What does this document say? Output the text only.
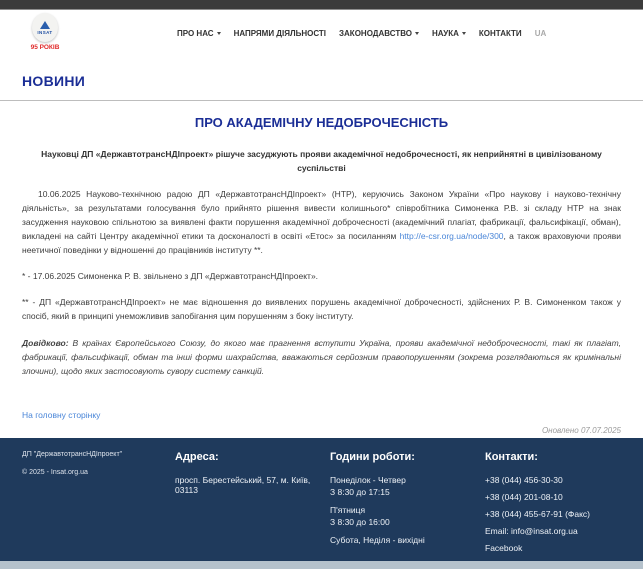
INSAT
95 РОКІВ
ПРО НАС	НАПРЯМИ ДІЯЛЬНОСТІ ЗАКОНОДАВСТВО	НАУКА	КОНТАКТИ UA
НОВИНИ
ПРО АКАДЕМІЧНУ НЕДОБРОЧЕСНІСТЬ
Науковці ДП «ДержавтотрансНДІпроект» рішуче засуджують прояви академічної недоброчесності, як неприйнятні в цивілізованому суспільстві

10.06.2025 Науково-технічною радою ДП «ДержавтотрансНДІпроект» (НТР), керуючись Законом України «Про наукову і науково-технічну діяльність», за результатами голосування було прийнято рішення вивести колишнього* співробітника Симоненка Р.В. зі складу НТР на знак засудження науковою спільнотою за виявлені факти порушення академічної доброчесності (академічний плагіат, фабрикації, фальсифікації, обман), викладені на сайті Центру академічної етики та досконалості в освіті «Етос» за посиланням http://e-csr.org.ua/node/300, а також враховуючи прояви неетичної поведінки у відношенні до працівників інституту **.

* - 17.06.2025 Симоненка Р. В. звільнено з ДП «ДержавтотрансНДІпроект».

** - ДП «ДержавтотрансНДІпроект» не має відношення до виявлених порушень академічної доброчесності, здійснених Р. В. Симоненком також у спосіб, який в принципі унеможливив запобігання цим порушенням з боку інституту.

Довідково: В країнах Європейського Союзу, до якого має прагнення вступити Україна, прояви академічної недоброчесності, такі як плагіат, фабрикації, фальсифікації, обман та інші форми шахрайства, вважаються серйозним правопорушенням (зокрема розглядаються як кримінальні злочини), щодо яких застосовують сувору систему санкцій.

На головну сторінку
Оновлено 07.07.2025
ДП "ДержавтотрансНДІпроект"
© 2025 - Insat.org.ua
Адреса:
просп. Берестейський, 57, м. Київ, 03113
Години роботи:
Понеділок - Четвер
З 8:30 до 17:15
П'ятниця
З 8:30 до 16:00
Субота, Неділя - вихідні
Контакти:
+38 (044) 456-30-30
+38 (044) 201-08-10
+38 (044) 455-67-91 (Факс)
Email: info@insat.org.ua
Facebook
